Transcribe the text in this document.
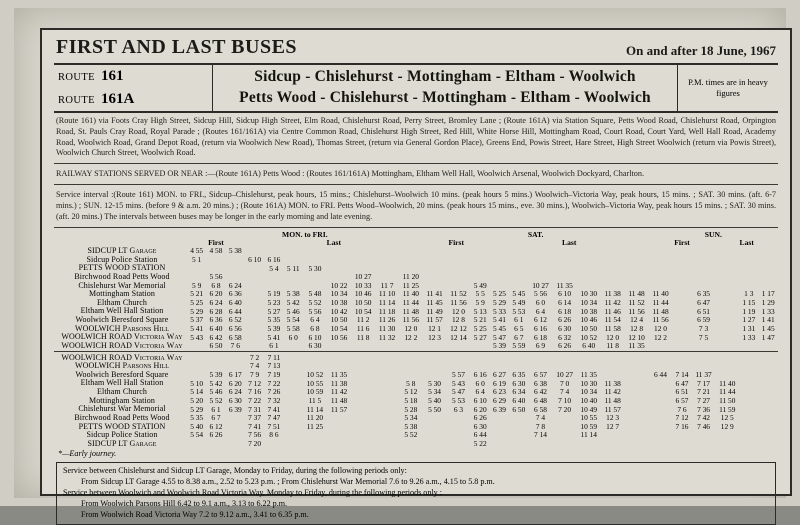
FIRST AND LAST BUSES	On and after 18 June, 1967
ROUTE 161
ROUTE 161A
Sidcup - Chislehurst - Mottingham - Eltham - Woolwich
Petts Wood - Chislehurst - Mottingham - Eltham - Woolwich
P.M. times are in heavy figures
(Route 161) via Foots Cray High Street, Sidcup Hill, Sidcup High Street, Elm Road, Chislehurst Road, Perry Street, Bromley Lane ; (Route 161A) via Station Square, Petts Wood Road, Chislehurst Road, Orpington Road, St. Pauls Cray Road, Royal Parade ; (Routes 161/161A) via Centre Common Road, Chislehurst High Street, Red Hill, White Horse Hill, Mottingham Road, Court Road, Court Yard, Well Hall Road, Academy Road, Woolwich Road, Grand Depot Road, (return via Woolwich New Road), Thomas Street, (return via General Gordon Place), Greens End, Powis Street, Hare Street, High Street Woolwich (return via Powis Street), Woolwich Church Street, Woolwich Road.
RAILWAY STATIONS SERVED OR NEAR :—(Route 161A) Petts Wood : (Routes 161/161A) Mottingham, Eltham Well Hall, Woolwich Arsenal, Woolwich Dockyard, Charlton.
Service interval :(Route 161) MON. to FRI., Sidcup–Chislehurst, peak hours, 15 mins.; Chislehurst–Woolwich 10 mins. (peak hours 5 mins.) Woolwich–Victoria Way, peak hours, 15 mins. ; SAT. 30 mins. (aft. 6-7 mins.) ; SUN. 12-15 mins. (before 9 & a.m. 20 mins.) ; (Route 161A) MON. to FRI. Petts Wood–Woolwich, 20 mins. (peak hours 15 mins., eve. 30 mins.), Woolwich–Victoria Way, peak hours 15 mins. ; SAT. 30 mins. (aft. 20 mins.) The intervals between buses may be longer in the early morning and late evening.
	MON. to FRI.											SAT.										SUN.					
	First			Last								First			Last							First			Last		
SIDCUP LT Garage	4 55	4 58	5 38																								
Sidcup Police Station	5 1			6 10	6 16																						
PETTS WOOD STATION					5 4	5 11	5 30																				
Birchwood Road Petts Wood		5 56							10 27		11 20																
Chislehurst War Memorial	5 9	6 8	6 24					10 22	10 33	11 7	11 25			5 49			10 27	11 35									
Mottingham Station	5 21	6 20	6 36		5 19	5 38	5 48	10 34	10 46	11 10	11 40	11 41	11 52	5 5	5 25	5 45	5 56	6 10	10 30	11 38	11 48	11 40		6 35		1 3	1 17
Eltham Church	5 25	6 24	6 40		5 23	5 42	5 52	10 38	10 50	11 14	11 44	11 45	11 56	5 9	5 29	5 49	6 0	6 14	10 34	11 42	11 52	11 44		6 47		1 15	1 29
Eltham Well Hall Station	5 29	6 28	6 44		5 27	5 46	5 56	10 42	10 54	11 18	11 48	11 49	12 0	5 13	5 33	5 53	6 4	6 18	10 38	11 46	11 56	11 48		6 51		1 19	1 33
Woolwich Beresford Square	5 37	6 36	6 52		5 35	5 54	6 4	10 50	11 2	11 26	11 56	11 57	12 8	5 21	5 41	6 1	6 12	6 26	10 46	11 54	12 4	11 56		6 59		1 27	1 41
WOOLWICH Parsons Hill	5 41	6 40	6 56		5 39	5 58	6 8	10 54	11 6	11 30	12 0	12 1	12 12	5 25	5 45	6 5	6 16	6 30	10 50	11 58	12 8	12 0		7 3		1 31	1 45
WOOLWICH ROAD Victoria Way	5 43	6 42	6 58		5 41	6 0	6 10	10 56	11 8	11 32	12 2	12 3	12 14	5 27	5 47	6 7	6 18	6 32	10 52	12 0	12 10	12 2		7 5		1 33	1 47
WOOLWICH ROAD Victoria Way		6 50	7 6		6 1		6 30								5 39	5 59	6 9	6 26	6 40	11 8	11 35						

WOOLWICH ROAD Victoria Way				7 2	7 11																						
WOOLWICH Parsons Hill				7 4	7 13																						
Woolwich Beresford Square		5 39	6 17	7 9	7 19		10 52	11 35					5 57	6 16	6 27	6 35	6 57	10 27	11 35			6 44	7 14	11 37			
Eltham Well Hall Station	5 10	5 42	6 20	7 12	7 22		10 55	11 38			5 8	5 30	5 43	6 0	6 19	6 30	6 38	7 0	10 30	11 38			6 47	7 17	11 40		
Eltham Church	5 14	5 46	6 24	7 16	7 26		10 59	11 42			5 12	5 34	5 47	6 4	6 23	6 34	6 42	7 4	10 34	11 42			6 51	7 21	11 44		
Mottingham Station	5 20	5 52	6 30	7 22	7 32		11 5	11 48			5 18	5 40	5 53	6 10	6 29	6 40	6 48	7 10	10 40	11 48			6 57	7 27	11 50		
Chislehurst War Memorial	5 29	6 1	6 39	7 31	7 41		11 14	11 57			5 28	5 50	6 3	6 20	6 39	6 50	6 58	7 20	10 49	11 57			7 6	7 36	11 59		
Birchwood Road Petts Wood	5 35	6 7		7 37	7 47		11 20				5 34			6 26			7 4		10 55	12 3			7 12	7 42	12 5		
PETTS WOOD STATION	5 40	6 12		7 41	7 51		11 25				5 38			6 30			7 8		10 59	12 7			7 16	7 46	12 9		
Sidcup Police Station	5 54	6 26		7 56	8 6						5 52			6 44			7 14		11 14								
SIDCUP LT Garage				7 20										5 22													
*—Early journey.
Service between Chislehurst and Sidcup LT Garage, Monday to Friday, during the following periods only:
From Sidcup LT Garage 4.55 to 8.38 a.m., 2.52 to 5.23 p.m. ; From Chislehurst War Memorial 7.6 to 9.26 a.m., 4.15 to 5.8 p.m.
Service between Woolwich and Woolwich Road Victoria Way, Monday to Friday, during the following periods only :
From Woolwich Parsons Hill 6.42 to 9.1 a.m., 3.13 to 6.22 p.m.
From Woolwich Road Victoria Way 7.2 to 9.12 a.m., 3.41 to 6.35 p.m.
